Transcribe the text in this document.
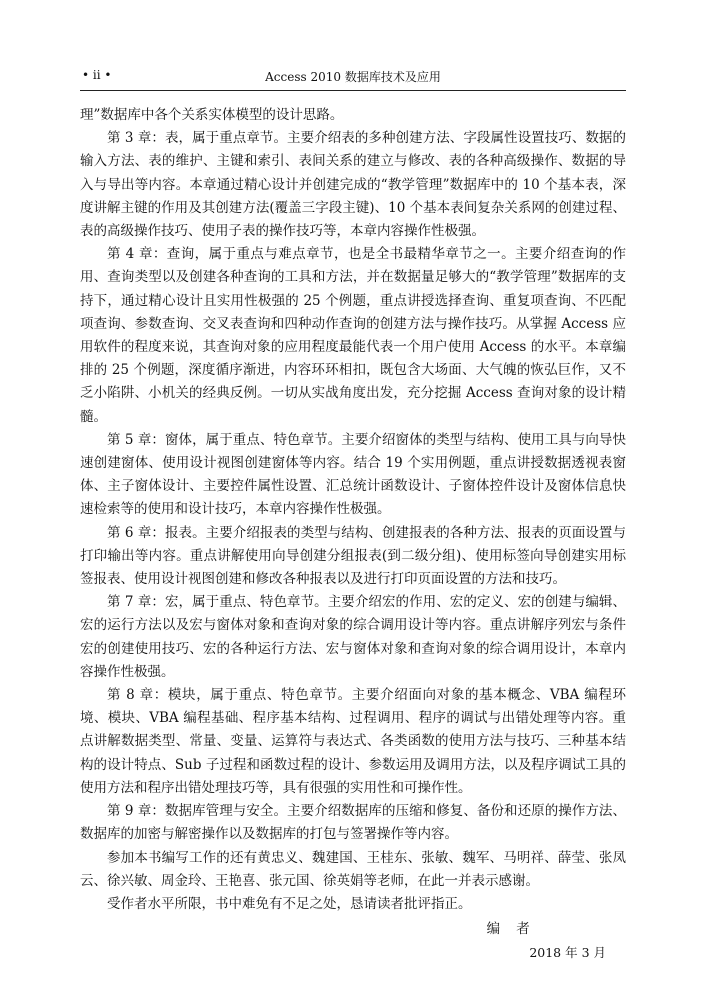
• ii •	Access 2010 数据库技术及应用

理”数据库中各个关系实体模型的设计思路。

第 3 章：表，属于重点章节。主要介绍表的多种创建方法、字段属性设置技巧、数据的输入方法、表的维护、主键和索引、表间关系的建立与修改、表的各种高级操作、数据的导入与导出等内容。本章通过精心设计并创建完成的“教学管理”数据库中的 10 个基本表，深度讲解主键的作用及其创建方法(覆盖三字段主键)、10 个基本表间复杂关系网的创建过程、表的高级操作技巧、使用子表的操作技巧等，本章内容操作性极强。

第 4 章：查询，属于重点与难点章节，也是全书最精华章节之一。主要介绍查询的作用、查询类型以及创建各种查询的工具和方法，并在数据量足够大的“教学管理”数据库的支持下，通过精心设计且实用性极强的 25 个例题，重点讲授选择查询、重复项查询、不匹配项查询、参数查询、交叉表查询和四种动作查询的创建方法与操作技巧。从掌握 Access 应用软件的程度来说，其查询对象的应用程度最能代表一个用户使用 Access 的水平。本章编排的 25 个例题，深度循序渐进，内容环环相扣，既包含大场面、大气魄的恢弘巨作，又不乏小陷阱、小机关的经典反例。一切从实战角度出发，充分挖掘 Access 查询对象的设计精髓。

第 5 章：窗体，属于重点、特色章节。主要介绍窗体的类型与结构、使用工具与向导快速创建窗体、使用设计视图创建窗体等内容。结合 19 个实用例题，重点讲授数据透视表窗体、主子窗体设计、主要控件属性设置、汇总统计函数设计、子窗体控件设计及窗体信息快速检索等的使用和设计技巧，本章内容操作性极强。

第 6 章：报表。主要介绍报表的类型与结构、创建报表的各种方法、报表的页面设置与打印输出等内容。重点讲解使用向导创建分组报表(到二级分组)、使用标签向导创建实用标签报表、使用设计视图创建和修改各种报表以及进行打印页面设置的方法和技巧。

第 7 章：宏，属于重点、特色章节。主要介绍宏的作用、宏的定义、宏的创建与编辑、宏的运行方法以及宏与窗体对象和查询对象的综合调用设计等内容。重点讲解序列宏与条件宏的创建使用技巧、宏的各种运行方法、宏与窗体对象和查询对象的综合调用设计，本章内容操作性极强。

第 8 章：模块，属于重点、特色章节。主要介绍面向对象的基本概念、VBA 编程环境、模块、VBA 编程基础、程序基本结构、过程调用、程序的调试与出错处理等内容。重点讲解数据类型、常量、变量、运算符与表达式、各类函数的使用方法与技巧、三种基本结构的设计特点、Sub 子过程和函数过程的设计、参数运用及调用方法，以及程序调试工具的使用方法和程序出错处理技巧等，具有很强的实用性和可操作性。

第 9 章：数据库管理与安全。主要介绍数据库的压缩和修复、备份和还原的操作方法、数据库的加密与解密操作以及数据库的打包与签署操作等内容。

参加本书编写工作的还有黄忠义、魏建国、王桂东、张敏、魏军、马明祥、薛莹、张凤云、徐兴敏、周金玲、王艳喜、张元国、徐英娟等老师，在此一并表示感谢。

受作者水平所限，书中难免有不足之处，恳请读者批评指正。

编者

2018 年 3 月
